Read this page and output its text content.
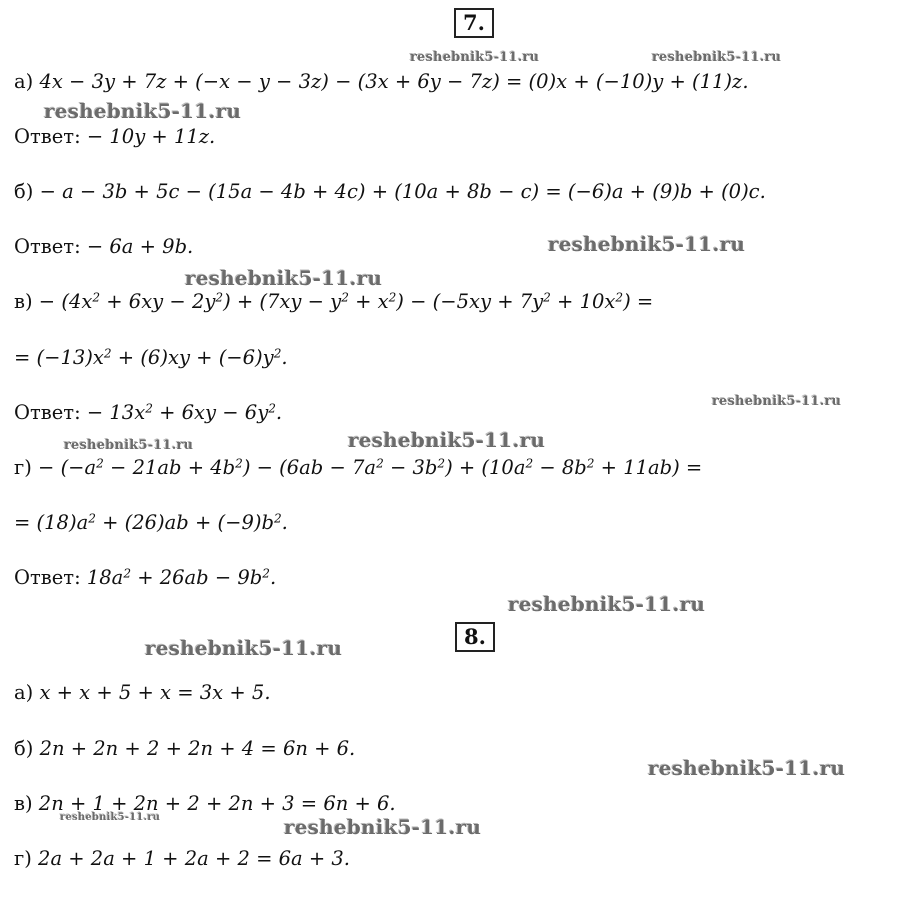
7.
а) 4x − 3y + 7z + (−x − y − 3z) − (3x + 6y − 7z) = (0)x + (−10)y + (11)z.
Ответ: − 10y + 11z.
б) − a − 3b + 5c − (15a − 4b + 4c) + (10a + 8b − c) = (−6)a + (9)b + (0)c.
Ответ: − 6a + 9b.
$в) - (4x^2 + 6xy - 2y^2) + (7xy - y^2 + x^2) - (-5xy + 7y^2 + 10x^2)$ =
= $(-13)x^2 + (6)xy + (-6)y^2$.
Ответ: − $13x^2 + 6xy - 6y^2$.
$г) - (-a^2 - 21ab + 4b^2) - (6ab - 7a^2 - 3b^2) + (10a^2 - 8b^2 + 11ab)$ =
= $(18)a^2 + (26)ab + (-9)b^2$.
Ответ: $18a^2 + 26ab - 9b^2$.
8.
а) x + x + 5 + x = 3x + 5.
б) 2n + 2n + 2 + 2n + 4 = 6n + 6.
в) 2n + 1 + 2n + 2 + 2n + 3 = 6n + 6.
г) 2a + 2a + 1 + 2a + 2 = 6a + 3.
reshebnik5-11.ru	reshebnik5-11.ru
reshebnik5-11.ru
reshebnik5-11.ru
reshebnik5-11.ru
reshebnik5-11.ru
reshebnik5-11.ru
reshebnik5-11.ru
reshebnik5-11.ru
reshebnik5-11.ru
reshebnik5-11.ru
reshebnik5-11.ru	reshebnik5-11.ru
